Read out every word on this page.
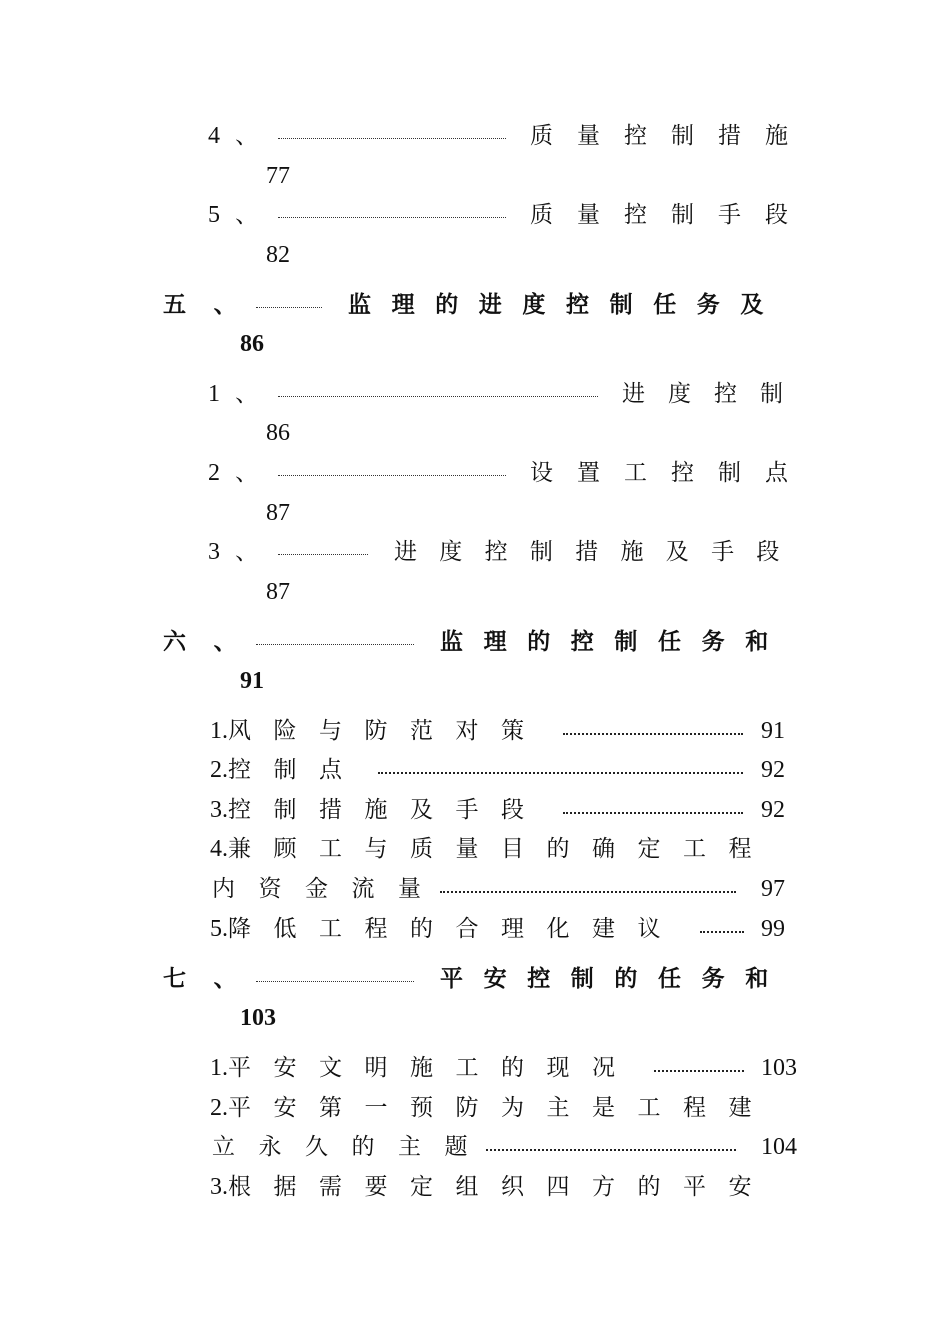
4 、	质量控制措施
77
5 、	质量控制手段
82
五 、	监理的进度控制任务及
86
1 、	进度控制
86
2 、	设置工控制点
87
3 、	进度控制措施及手段
87
六 、	监理的控制任务和
91
1.风险与防范对策	91
2.控制点	92
3.控制措施及手段	92
4.兼顾工与质量目的确定工程
内资金流量	97
5.降低工程的合理化建议	99
七 、	平安控制的任务和
103
1.平安文明施工的现况	103
2.平安第一预防为主是工程建
立永久的主题	104
3.根据需要定组织四方的平安
